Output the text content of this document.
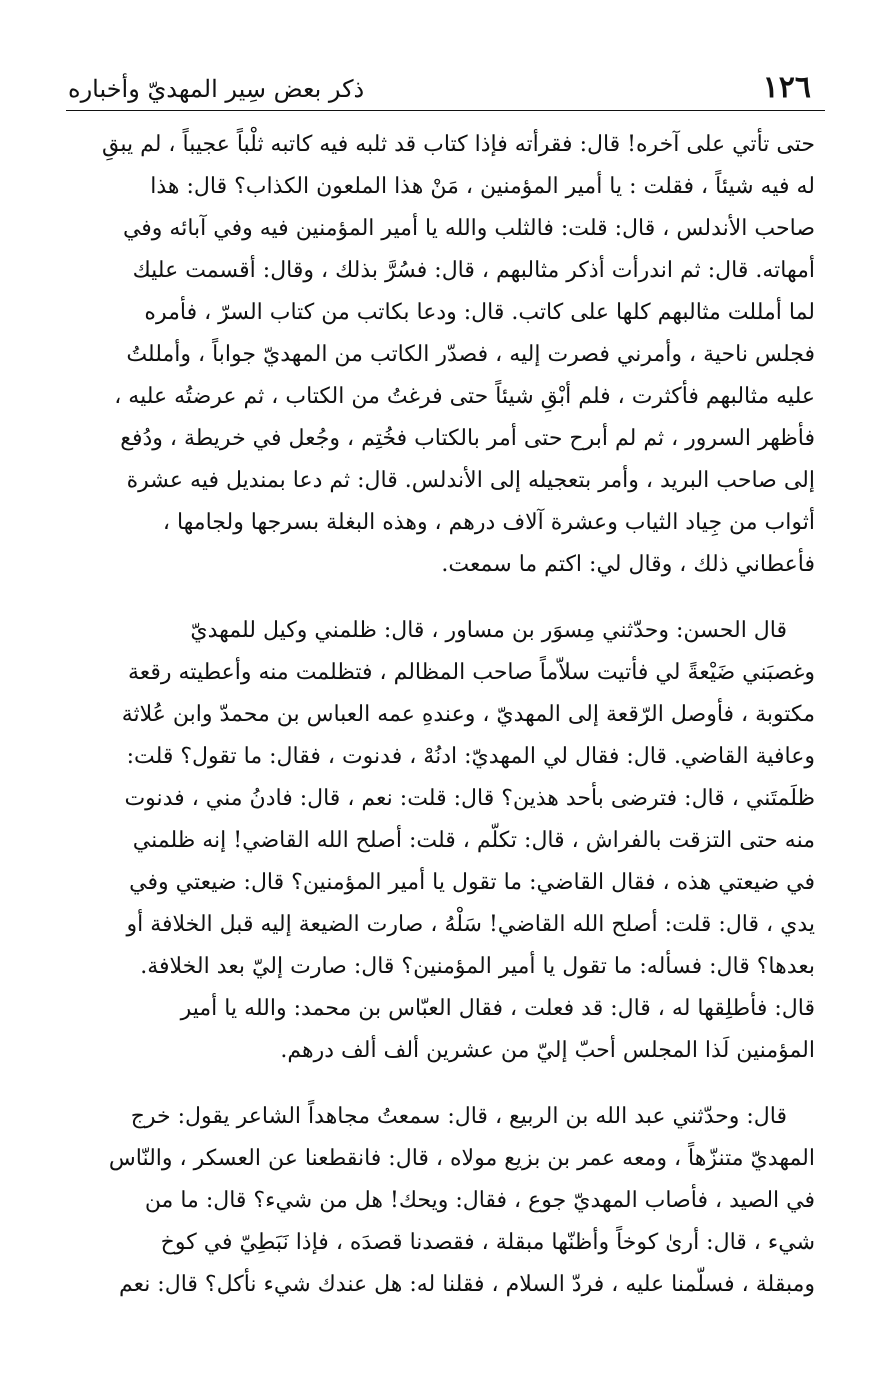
١٢٦
ذكر بعض سِير المهديّ وأخباره
حتى تأتي على آخره! قال: فقرأته فإذا كتاب قد ثلبه فيه كاتبه ثلْباً عجيباً ، لم يبقِ
له فيه شيئاً ، فقلت : يا أمير المؤمنين ، مَنْ هذا الملعون الكذاب؟ قال: هذا
صاحب الأندلس ، قال: قلت: فالثلب والله يا أمير المؤمنين فيه وفي آبائه وفي
أمهاته. قال: ثم اندرأت أذكر مثالبهم ، قال: فسُرَّ بذلك ، وقال: أقسمت عليك
لما أمللت مثالبهم كلها على كاتب. قال: ودعا بكاتب من كتاب السرّ ، فأمره
فجلس ناحية ، وأمرني فصرت إليه ، فصدّر الكاتب من المهديّ جواباً ، وأمللتُ
عليه مثالبهم فأكثرت ، فلم أبْقِ شيئاً حتى فرغتُ من الكتاب ، ثم عرضتُه عليه ،
فأظهر السرور ، ثم لم أبرح حتى أمر بالكتاب فخُتِم ، وجُعل في خريطة ، ودُفع
إلى صاحب البريد ، وأمر بتعجيله إلى الأندلس. قال: ثم دعا بمنديل فيه عشرة
أثواب من جِياد الثياب وعشرة آلاف درهم ، وهذه البغلة بسرجها ولجامها ،
فأعطاني ذلك ، وقال لي: اكتم ما سمعت.
قال الحسن: وحدّثني مِسوَر بن مساور ، قال: ظلمني وكيل للمهديّ
وغصبَني ضَيْعةً لي فأتيت سلاّماً صاحب المظالم ، فتظلمت منه وأعطيته رقعة
مكتوبة ، فأوصل الرّقعة إلى المهديّ ، وعندهِ عمه العباس بن محمدّ وابن عُلاثة
وعافية القاضي. قال: فقال لي المهديّ: ادنُهْ ، فدنوت ، فقال: ما تقول؟ قلت:
ظلَمتَني ، قال: فترضى بأحد هذين؟ قال: قلت: نعم ، قال: فادنُ مني ، فدنوت
منه حتى التزقت بالفراش ، قال: تكلّم ، قلت: أصلح الله القاضي! إنه ظلمني
في ضيعتي هذه ، فقال القاضي: ما تقول يا أمير المؤمنين؟ قال: ضيعتي وفي
يدي ، قال: قلت: أصلح الله القاضي! سَلْهُ ، صارت الضيعة إليه قبل الخلافة أو
بعدها؟ قال: فسأله: ما تقول يا أمير المؤمنين؟ قال: صارت إليّ بعد الخلافة.
قال: فأطلِقها له ، قال: قد فعلت ، فقال العبّاس بن محمد: والله يا أمير
المؤمنين لَذا المجلس أحبّ إليّ من عشرين ألف ألف درهم.
قال: وحدّثني عبد الله بن الربيع ، قال: سمعتُ مجاهداً الشاعر يقول: خرج
المهديّ متنزّهاً ، ومعه عمر بن بزيع مولاه ، قال: فانقطعنا عن العسكر ، والنّاس
في الصيد ، فأصاب المهديّ جوع ، فقال: ويحك! هل من شيء؟ قال: ما من
شيء ، قال: أرىٰ كوخاً وأظنّها مبقلة ، فقصدنا قصدَه ، فإذا نَبَطِيّ في كوخ
ومبقلة ، فسلّمنا عليه ، فردّ السلام ، فقلنا له: هل عندك شيء نأكل؟ قال: نعم
